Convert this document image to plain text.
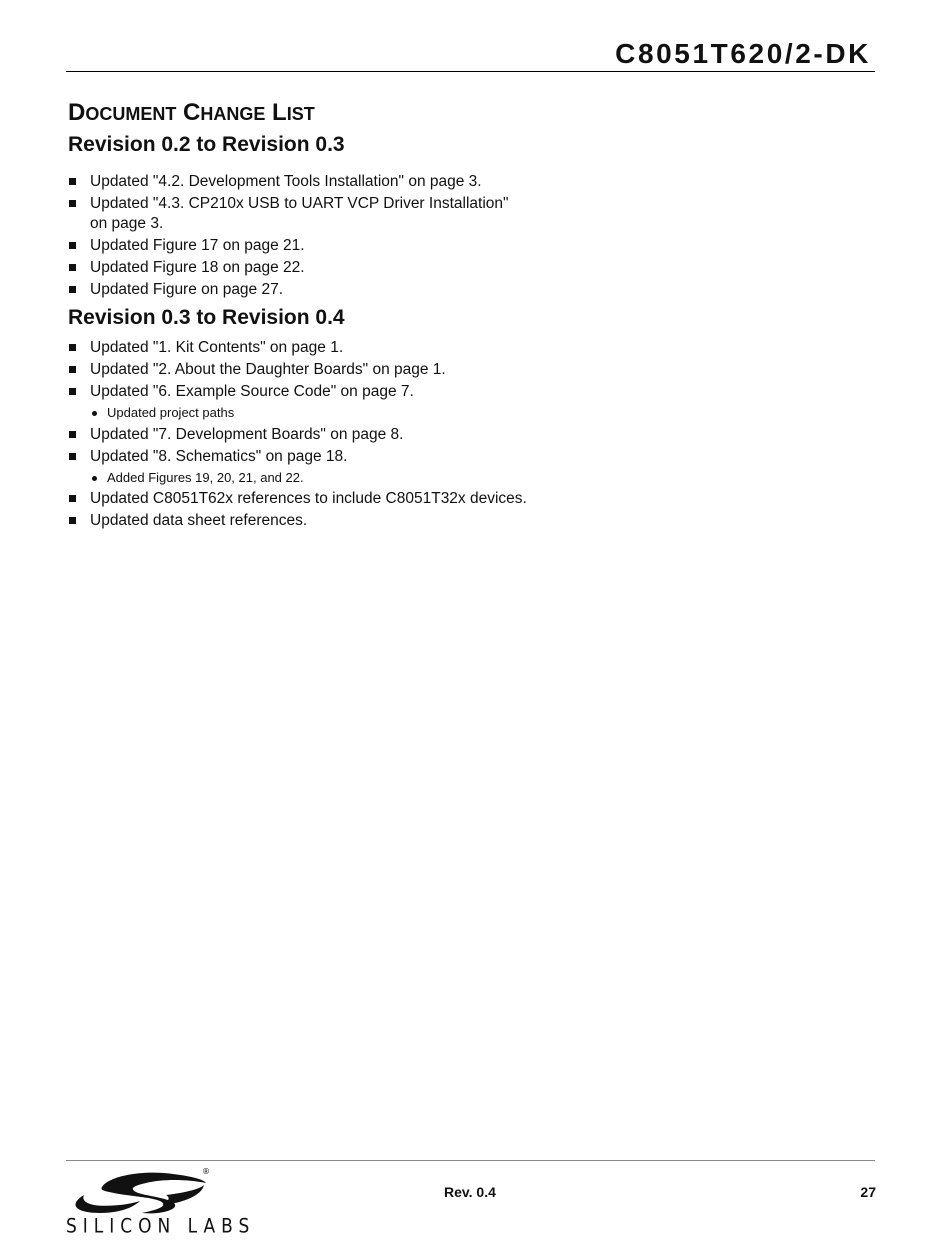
C8051T620/2-DK
DOCUMENT CHANGE LIST
Revision 0.2 to Revision 0.3
Updated "4.2. Development Tools Installation" on page 3.
Updated "4.3. CP210x USB to UART VCP Driver Installation" on page 3.
Updated Figure 17 on page 21.
Updated Figure 18 on page 22.
Updated Figure on page 27.
Revision 0.3 to Revision 0.4
Updated "1. Kit Contents" on page 1.
Updated "2. About the Daughter Boards" on page 1.
Updated "6. Example Source Code" on page 7.
Updated project paths
Updated "7. Development Boards" on page 8.
Updated "8. Schematics" on page 18.
Added Figures 19, 20, 21, and 22.
Updated C8051T62x references to include C8051T32x devices.
Updated data sheet references.
®
SILICON LABS
Rev. 0.4	27
